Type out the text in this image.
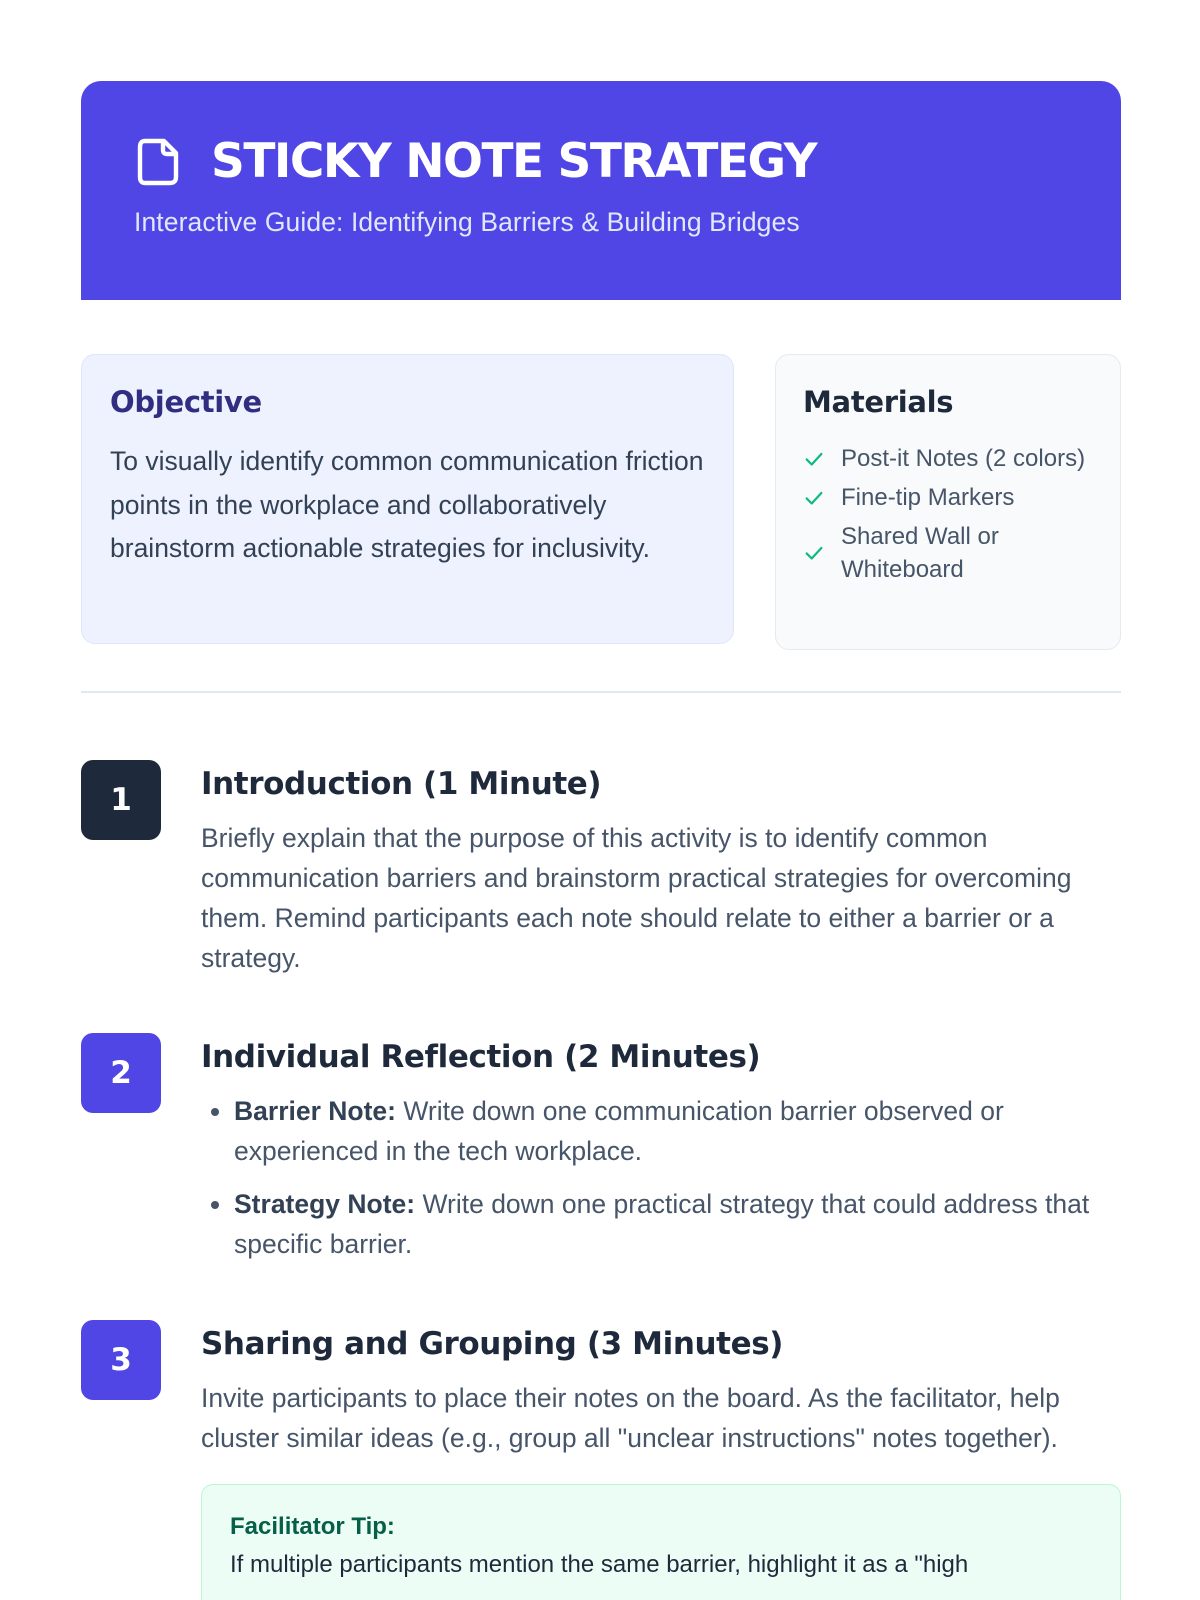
STICKY NOTE STRATEGY
Interactive Guide: Identifying Barriers & Building Bridges
Objective

To visually identify common communication friction points in the workplace and collaboratively brainstorm actionable strategies for inclusivity.

Materials
Post-it Notes (2 colors)
Fine-tip Markers
Shared Wall or Whiteboard
1	Introduction (1 Minute)

Briefly explain that the purpose of this activity is to identify common communication barriers and brainstorm practical strategies for overcoming them. Remind participants each note should relate to either a barrier or a strategy.

2	Individual Reflection (2 Minutes)
• Barrier Note: Write down one communication barrier observed or experienced in the tech workplace.
• Strategy Note: Write down one practical strategy that could address that specific barrier.
3	Sharing and Grouping (3 Minutes)

Invite participants to place their notes on the board. As the facilitator, help cluster similar ideas (e.g., group all "unclear instructions" notes together).

Facilitator Tip:
If multiple participants mention the same barrier, highlight it as a "high
